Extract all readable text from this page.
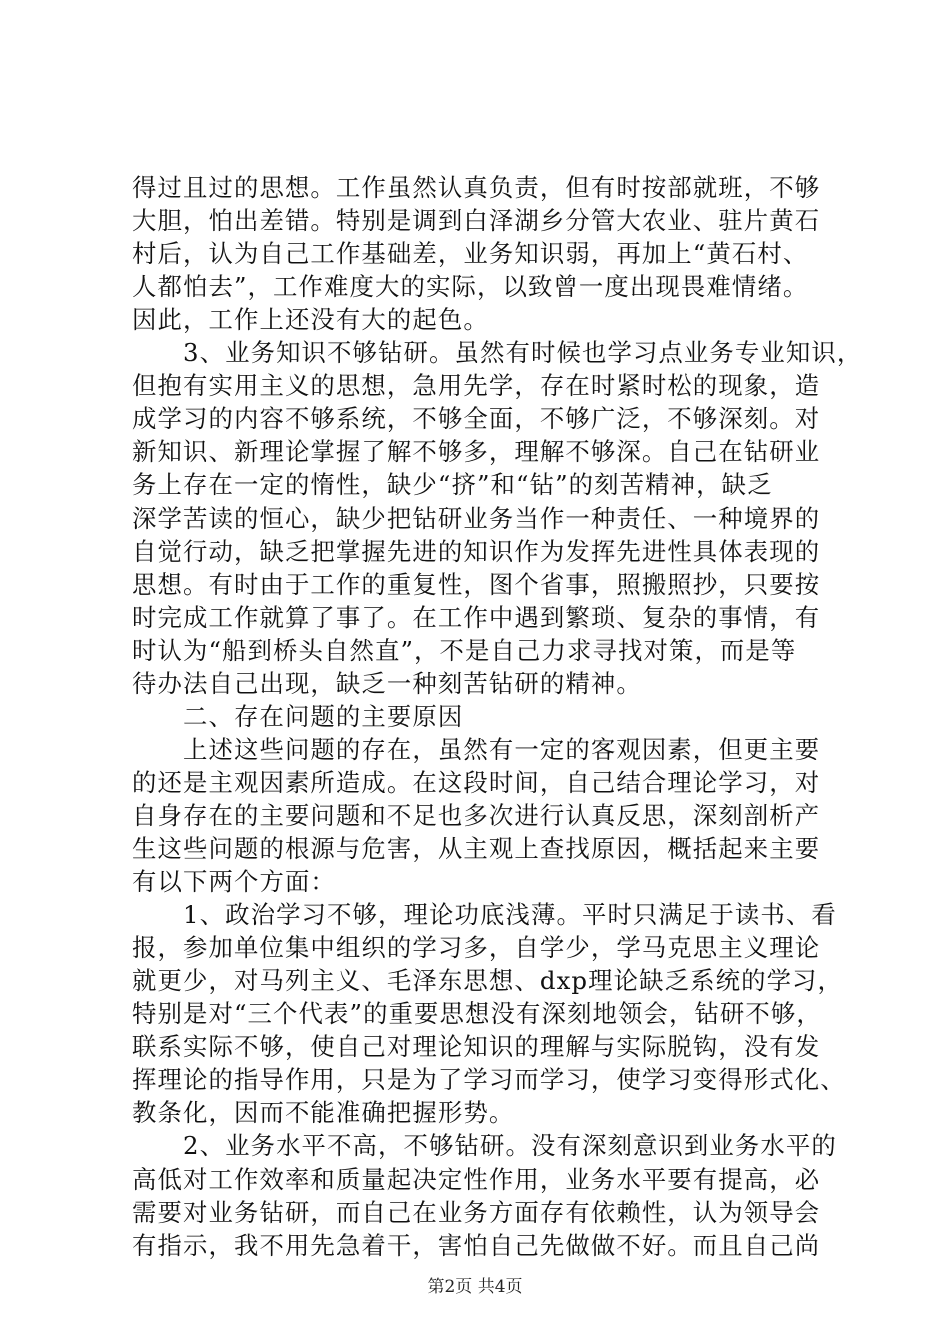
得过且过的思想。工作虽然认真负责，但有时按部就班，不够
大胆，怕出差错。特别是调到白泽湖乡分管大农业、驻片黄石
村后，认为自己工作基础差，业务知识弱，再加上“黄石村、
人都怕去”，工作难度大的实际，以致曾一度出现畏难情绪。
因此，工作上还没有大的起色。
　　3、业务知识不够钻研。虽然有时候也学习点业务专业知识，
但抱有实用主义的思想，急用先学，存在时紧时松的现象，造
成学习的内容不够系统，不够全面，不够广泛，不够深刻。对
新知识、新理论掌握了解不够多，理解不够深。自己在钻研业
务上存在一定的惰性，缺少“挤”和“钻”的刻苦精神，缺乏
深学苦读的恒心，缺少把钻研业务当作一种责任、一种境界的
自觉行动，缺乏把掌握先进的知识作为发挥先进性具体表现的
思想。有时由于工作的重复性，图个省事，照搬照抄，只要按
时完成工作就算了事了。在工作中遇到繁琐、复杂的事情，有
时认为“船到桥头自然直”，不是自己力求寻找对策，而是等
待办法自己出现，缺乏一种刻苦钻研的精神。
　　二、存在问题的主要原因
　　上述这些问题的存在，虽然有一定的客观因素，但更主要
的还是主观因素所造成。在这段时间，自己结合理论学习，对
自身存在的主要问题和不足也多次进行认真反思，深刻剖析产
生这些问题的根源与危害，从主观上查找原因，概括起来主要
有以下两个方面：
　　1、政治学习不够，理论功底浅薄。平时只满足于读书、看
报，参加单位集中组织的学习多，自学少，学马克思主义理论
就更少，对马列主义、毛泽东思想、dxp理论缺乏系统的学习，
特别是对“三个代表”的重要思想没有深刻地领会，钻研不够，
联系实际不够，使自己对理论知识的理解与实际脱钩，没有发
挥理论的指导作用，只是为了学习而学习，使学习变得形式化、
教条化，因而不能准确把握形势。
　　2、业务水平不高，不够钻研。没有深刻意识到业务水平的
高低对工作效率和质量起决定性作用，业务水平要有提高，必
需要对业务钻研，而自己在业务方面存有依赖性，认为领导会
有指示，我不用先急着干，害怕自己先做做不好。而且自己尚
第2页 共4页
